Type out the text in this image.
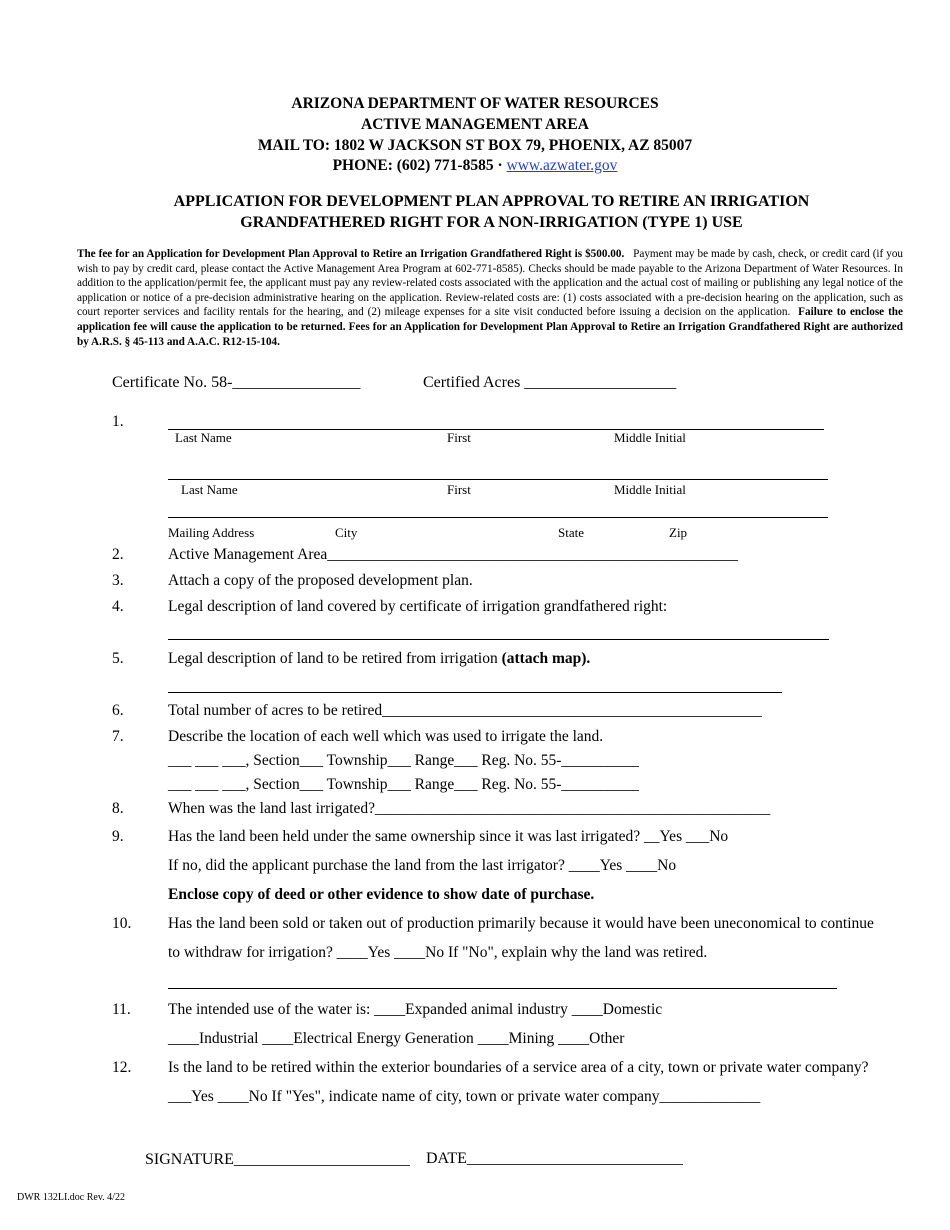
ARIZONA DEPARTMENT OF WATER RESOURCES
ACTIVE MANAGEMENT AREA
MAIL TO: 1802 W JACKSON ST BOX 79, PHOENIX, AZ 85007
PHONE: (602) 771-8585 · www.azwater.gov
APPLICATION FOR DEVELOPMENT PLAN APPROVAL TO RETIRE AN IRRIGATION
GRANDFATHERED RIGHT FOR A NON-IRRIGATION (TYPE 1) USE
The fee for an Application for Development Plan Approval to Retire an Irrigation Grandfathered Right is $500.00. Payment may be made by cash, check, or credit card (if you wish to pay by credit card, please contact the Active Management Area Program at 602-771-8585). Checks should be made payable to the Arizona Department of Water Resources. In addition to the application/permit fee, the applicant must pay any review-related costs associated with the application and the actual cost of mailing or publishing any legal notice of the application or notice of a pre-decision administrative hearing on the application. Review-related costs are: (1) costs associated with a pre-decision hearing on the application, such as court reporter services and facility rentals for the hearing, and (2) mileage expenses for a site visit conducted before issuing a decision on the application. Failure to enclose the application fee will cause the application to be returned. Fees for an Application for Development Plan Approval to Retire an Irrigation Grandfathered Right are authorized by A.R.S. § 45-113 and A.A.C. R12-15-104.
Certificate No. 58-________________	Certified Acres ___________________
1.
Last Name	First	Middle Initial
Last Name	First	Middle Initial
Mailing Address	City	State	Zip
2.	Active Management Area_____________________________________________________
3.	Attach a copy of the proposed development plan.
4.	Legal description of land covered by certificate of irrigation grandfathered right:
5.	Legal description of land to be retired from irrigation (attach map).
6.	Total number of acres to be retired_________________________________________________
7.	Describe the location of each well which was used to irrigate the land.
___ ___ ___, Section___ Township___ Range___ Reg. No. 55-__________
___ ___ ___, Section___ Township___ Range___ Reg. No. 55-__________
8.	When was the land last irrigated?___________________________________________________
9.	Has the land been held under the same ownership since it was last irrigated? __Yes ___No
If no, did the applicant purchase the land from the last irrigator? ____Yes ____No
Enclose copy of deed or other evidence to show date of purchase.
10. Has the land been sold or taken out of production primarily because it would have been uneconomical to continue
to withdraw for irrigation? ____Yes ____No If "No", explain why the land was retired.
11. The intended use of the water is: ____Expanded animal industry ____Domestic
____Industrial ____Electrical Energy Generation ____Mining ____Other
12. Is the land to be retired within the exterior boundaries of a service area of a city, town or private water company?
___Yes ____No If "Yes", indicate name of city, town or private water company_____________
SIGNATURE______________________ DATE___________________________
DWR 132LI.doc Rev. 4/22
